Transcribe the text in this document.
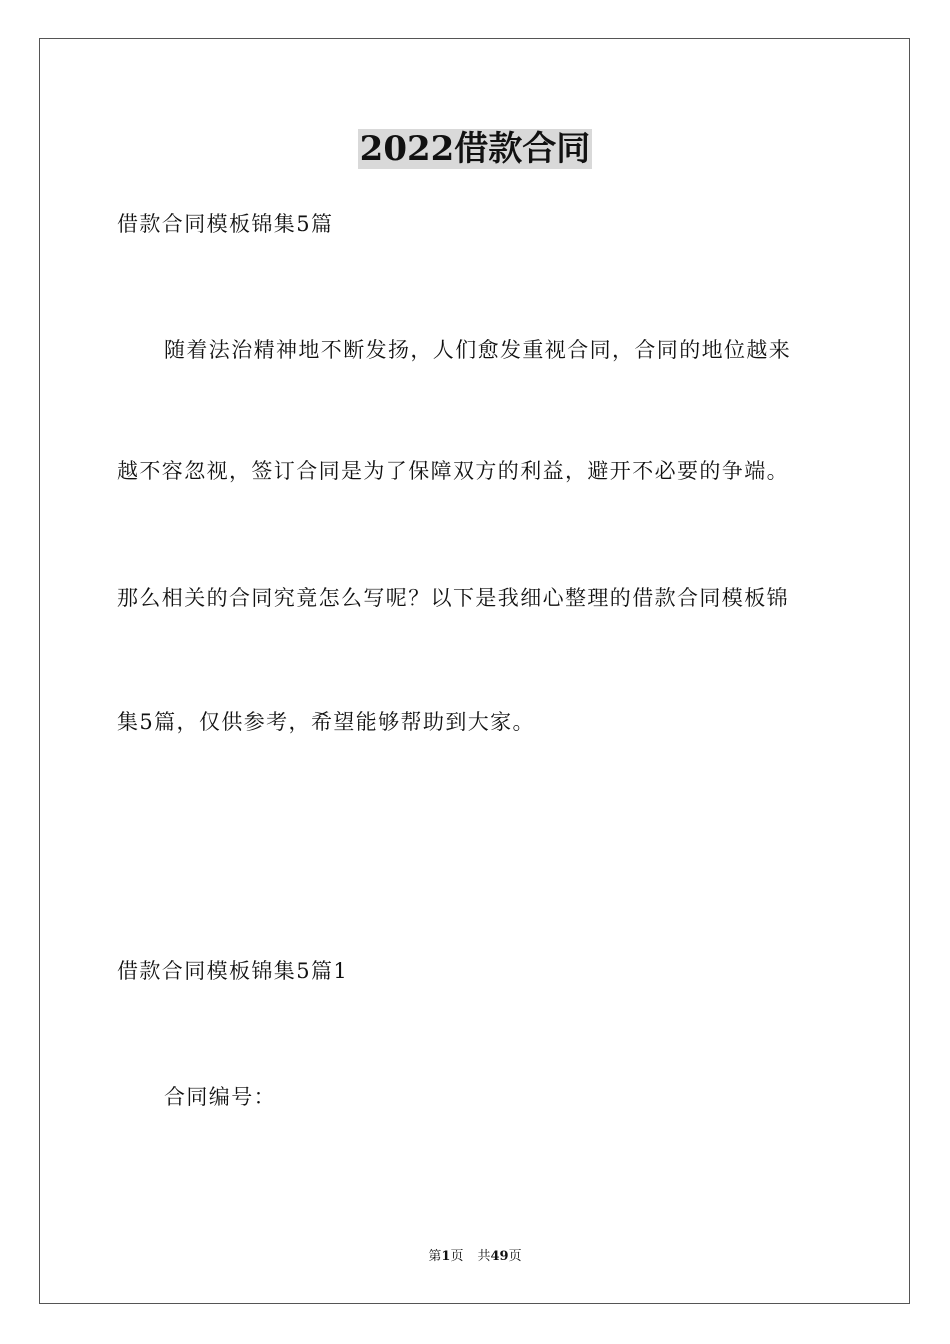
2022借款合同
借款合同模板锦集5篇
随着法治精神地不断发扬，人们愈发重视合同，合同的地位越来
越不容忽视，签订合同是为了保障双方的利益，避开不必要的争端。
那么相关的合同究竟怎么写呢？以下是我细心整理的借款合同模板锦
集5篇，仅供参考，希望能够帮助到大家。
借款合同模板锦集5篇1
合同编号：
第1页 共49页
